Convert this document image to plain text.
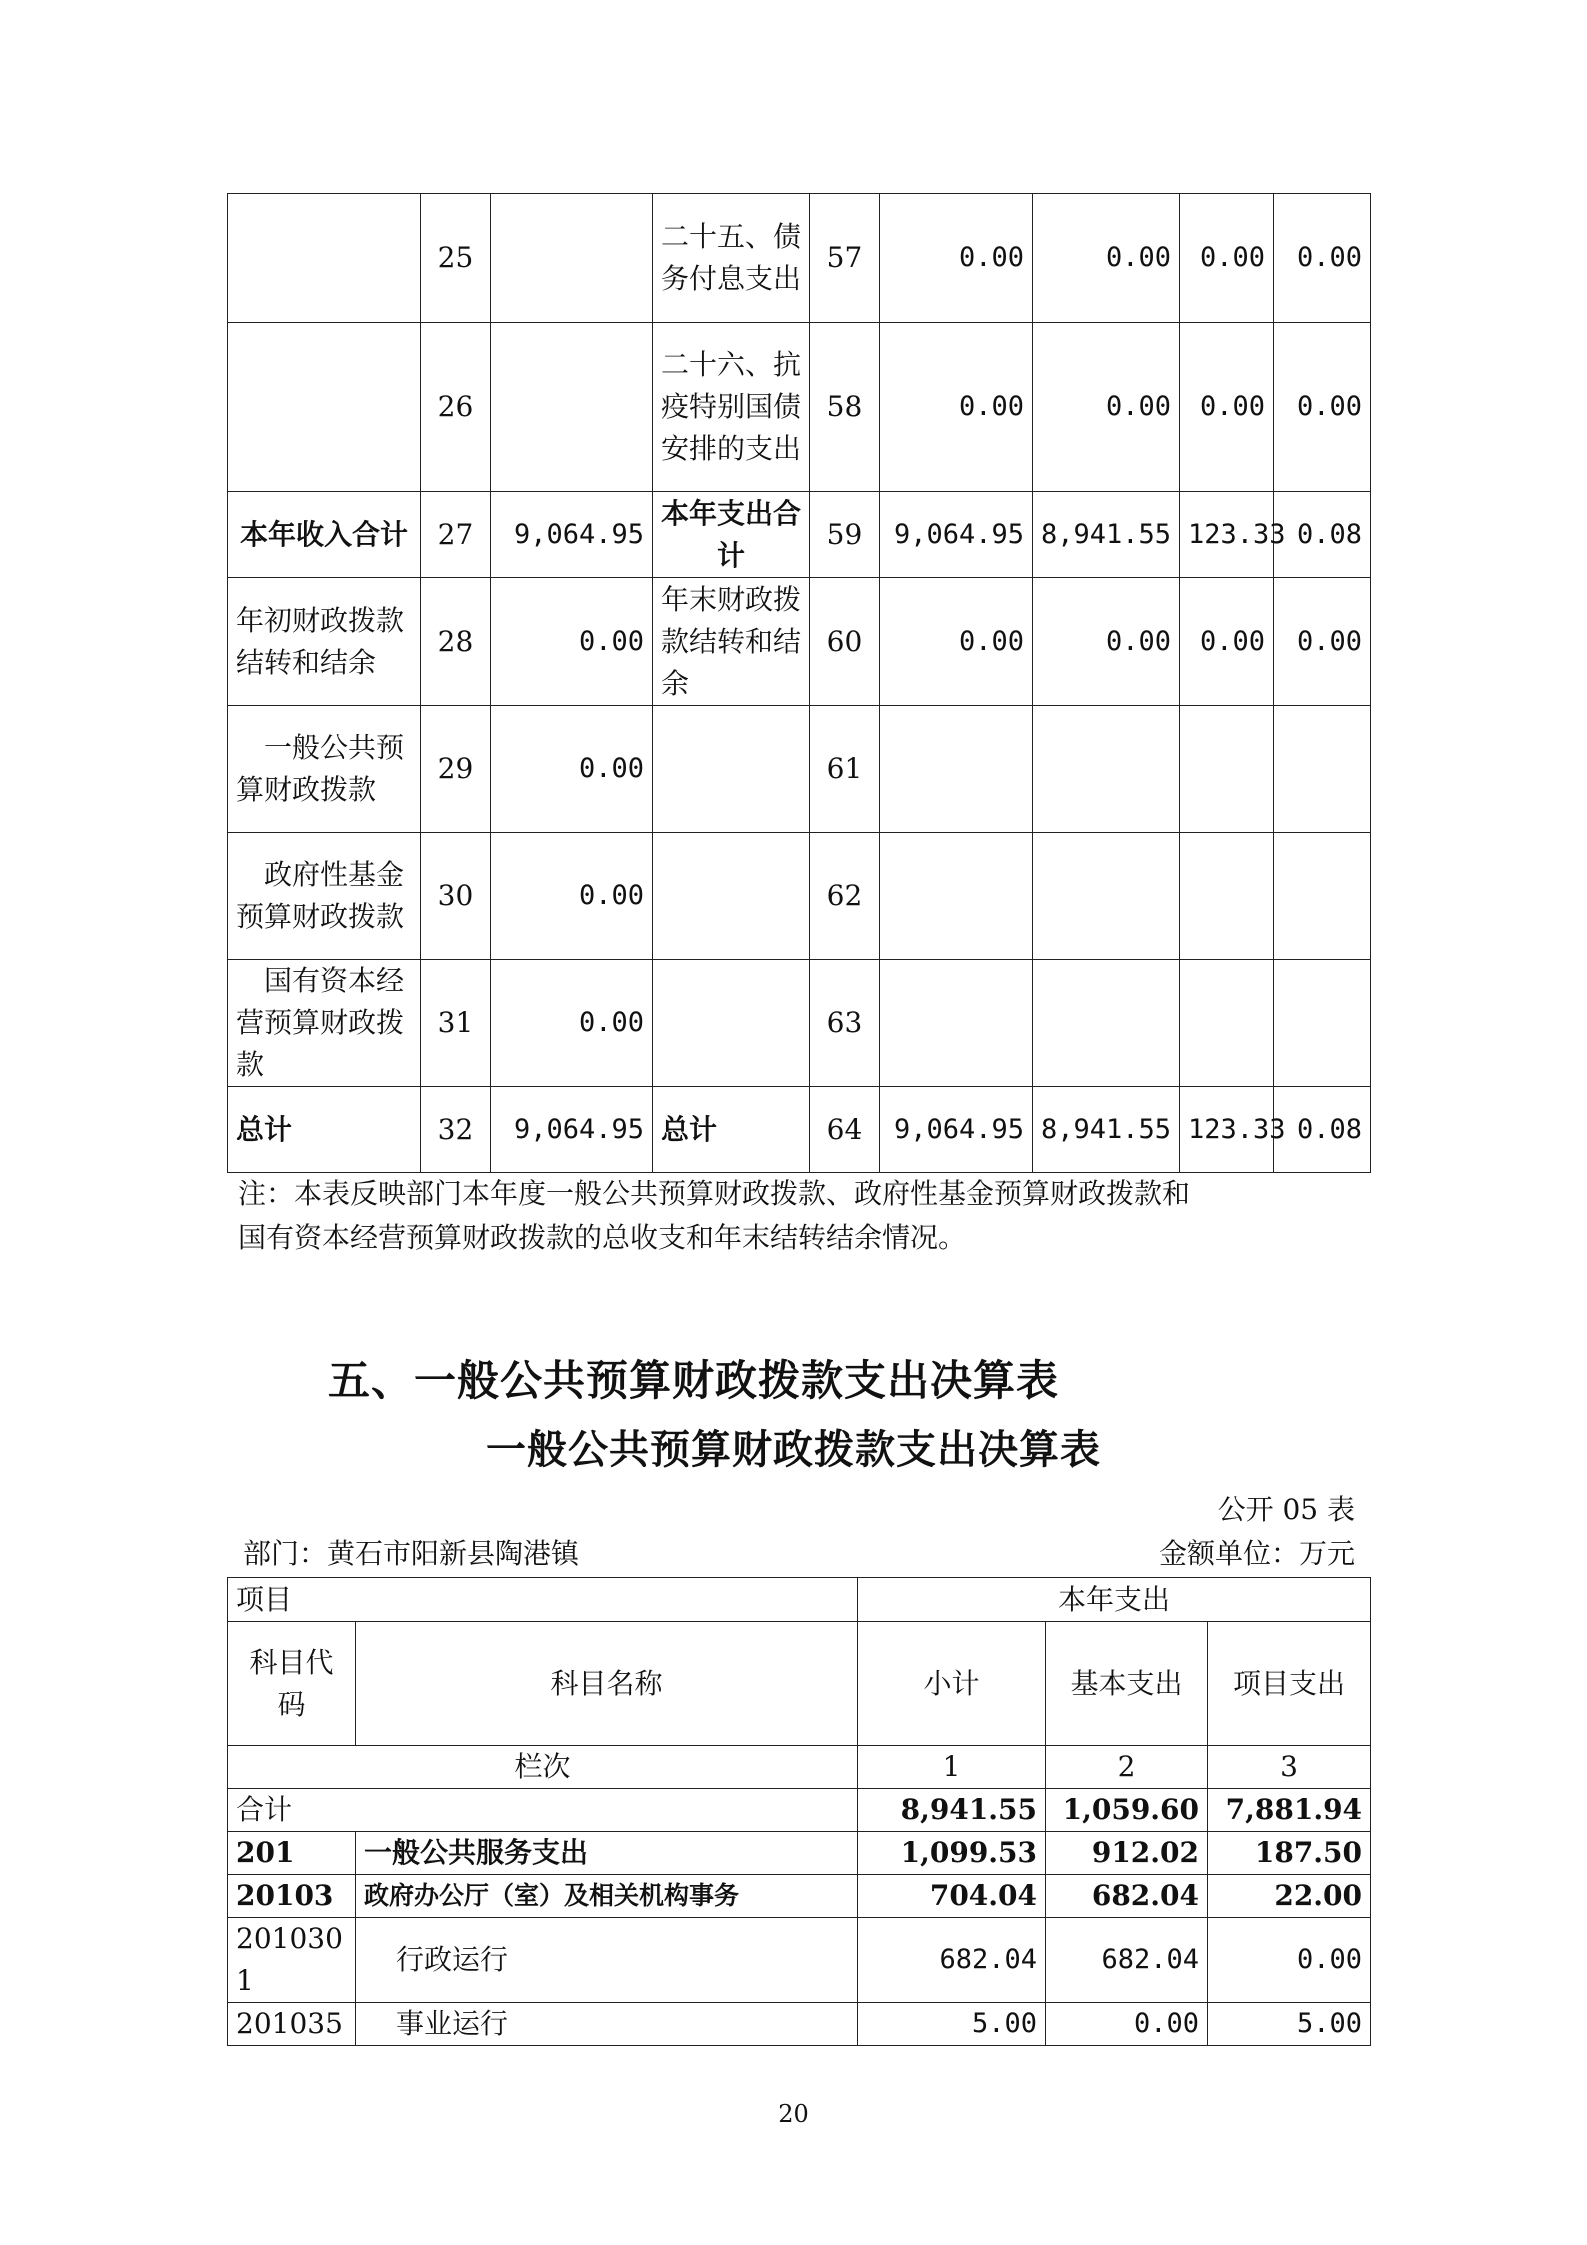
	25		二十五、债务付息支出	57	0.00	0.00	0.00	0.00
	26		二十六、抗疫特别国债安排的支出	58	0.00	0.00	0.00	0.00
本年收入合计	27	9,064.95	本年支出合计	59	9,064.95	8,941.55	123.33	0.08
年初财政拨款结转和结余	28	0.00	年末财政拨款结转和结余	60	0.00	0.00	0.00	0.00
一般公共预算财政拨款	29	0.00		61				
政府性基金预算财政拨款	30	0.00		62				
国有资本经营预算财政拨款	31	0.00		63				
总计	32	9,064.95	总计	64	9,064.95	8,941.55	123.33	0.08
注：本表反映部门本年度一般公共预算财政拨款、政府性基金预算财政拨款和
国有资本经营预算财政拨款的总收支和年末结转结余情况。
五、一般公共预算财政拨款支出决算表
一般公共预算财政拨款支出决算表
公开 05 表
部门：黄石市阳新县陶港镇	金额单位：万元
项目		本年支出		
科目代码	科目名称	小计	基本支出	项目支出
栏次		1	2	3
合计		8,941.55	1,059.60	7,881.94
201	一般公共服务支出	1,099.53	912.02	187.50
20103	政府办公厅（室）及相关机构事务	704.04	682.04	22.00
2010301	行政运行	682.04	682.04	0.00
201035	事业运行	5.00	0.00	5.00
20
